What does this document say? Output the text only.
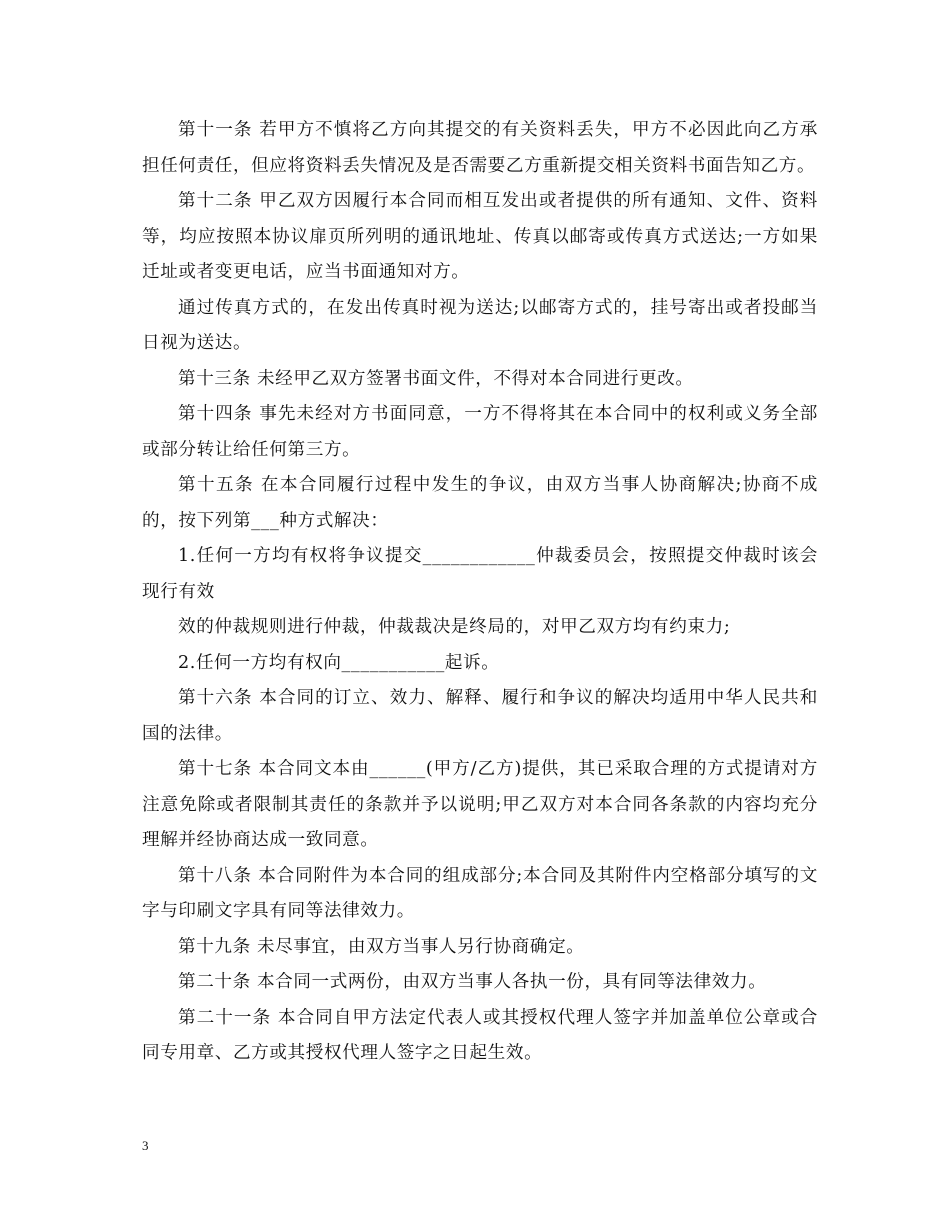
第十一条 若甲方不慎将乙方向其提交的有关资料丢失，甲方不必因此向乙方承担任何责任，但应将资料丢失情况及是否需要乙方重新提交相关资料书面告知乙方。

第十二条 甲乙双方因履行本合同而相互发出或者提供的所有通知、文件、资料等，均应按照本协议扉页所列明的通讯地址、传真以邮寄或传真方式送达;一方如果迁址或者变更电话，应当书面通知对方。

通过传真方式的，在发出传真时视为送达;以邮寄方式的，挂号寄出或者投邮当日视为送达。

第十三条 未经甲乙双方签署书面文件，不得对本合同进行更改。

第十四条 事先未经对方书面同意，一方不得将其在本合同中的权利或义务全部或部分转让给任何第三方。

第十五条 在本合同履行过程中发生的争议，由双方当事人协商解决;协商不成的，按下列第___种方式解决：

1.任何一方均有权将争议提交____________仲裁委员会，按照提交仲裁时该会现行有效

效的仲裁规则进行仲裁，仲裁裁决是终局的，对甲乙双方均有约束力;

2.任何一方均有权向___________起诉。

第十六条 本合同的订立、效力、解释、履行和争议的解决均适用中华人民共和国的法律。

第十七条 本合同文本由______(甲方/乙方)提供，其已采取合理的方式提请对方注意免除或者限制其责任的条款并予以说明;甲乙双方对本合同各条款的内容均充分理解并经协商达成一致同意。

第十八条 本合同附件为本合同的组成部分;本合同及其附件内空格部分填写的文字与印刷文字具有同等法律效力。

第十九条 未尽事宜，由双方当事人另行协商确定。

第二十条 本合同一式两份，由双方当事人各执一份，具有同等法律效力。

第二十一条 本合同自甲方法定代表人或其授权代理人签字并加盖单位公章或合同专用章、乙方或其授权代理人签字之日起生效。

3
